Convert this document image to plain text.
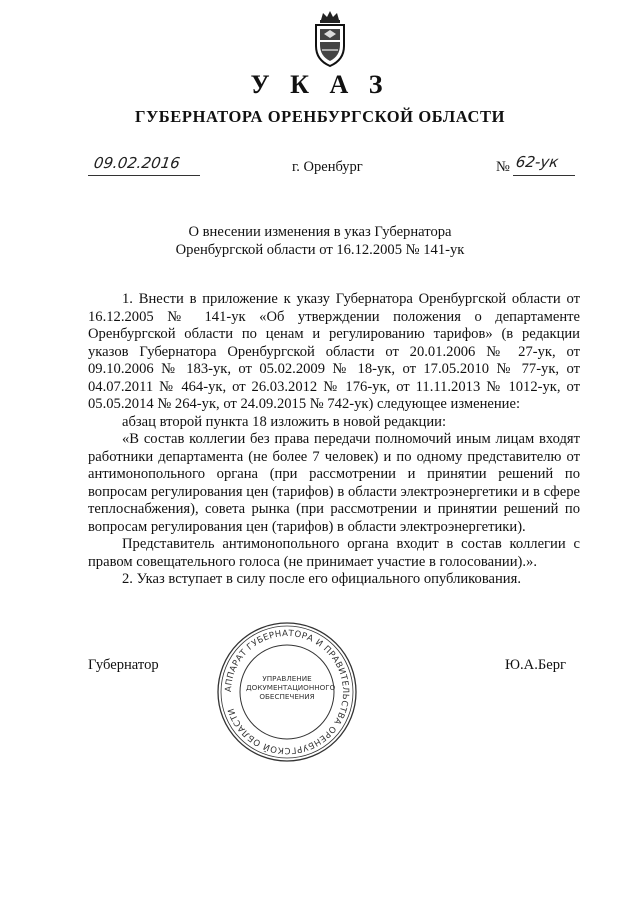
У К А З
ГУБЕРНАТОРА ОРЕНБУРГСКОЙ ОБЛАСТИ
09.02.2016	г. Оренбург	№ 62-ук
О внесении изменения в указ Губернатора
Оренбургской области от 16.12.2005 № 141-ук

1. Внести в приложение к указу Губернатора Оренбургской области от 16.12.2005 № 141-ук «Об утверждении положения о департаменте Оренбургской области по ценам и регулированию тарифов» (в редакции указов Губернатора Оренбургской области от 20.01.2006 № 27-ук, от 09.10.2006 № 183-ук, от 05.02.2009 № 18-ук, от 17.05.2010 № 77-ук, от 04.07.2011 № 464-ук, от 26.03.2012 № 176-ук, от 11.11.2013 № 1012-ук, от 05.05.2014 № 264-ук, от 24.09.2015 № 742-ук) следующее изменение:

абзац второй пункта 18 изложить в новой редакции:

«В состав коллегии без права передачи полномочий иным лицам входят работники департамента (не более 7 человек) и по одному представителю от антимонопольного органа (при рассмотрении и принятии решений по вопросам регулирования цен (тарифов) в области электроэнергетики и в сфере теплоснабжения), совета рынка (при рассмотрении и принятии решений по вопросам регулирования цен (тарифов) в области электроэнергетики).

Представитель антимонопольного органа входит в состав коллегии с правом совещательного голоса (не принимает участие в голосовании).».

2. Указ вступает в силу после его официального опубликования.

Губернатор	Ю.А.Берг
АППАРАТ ГУБЕРНАТОРА И ПРАВИТЕЛЬСТВА ОРЕНБУРГСКОЙ ОБЛАСТИ
УПРАВЛЕНИЕ
ДОКУМЕНТАЦИОННОГО
ОБЕСПЕЧЕНИЯ
